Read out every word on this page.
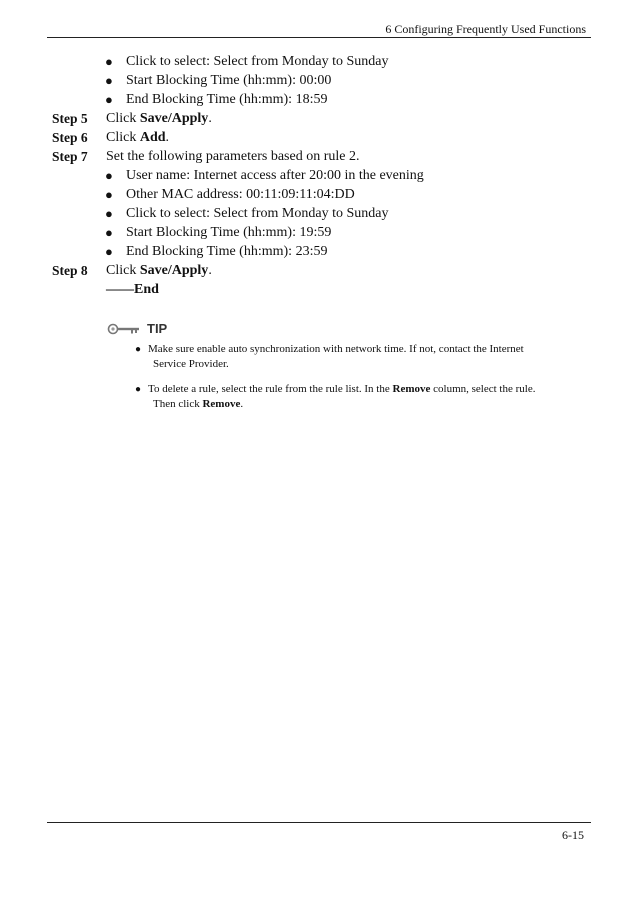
6 Configuring Frequently Used Functions
● Click to select: Select from Monday to Sunday
● Start Blocking Time (hh:mm): 00:00
● End Blocking Time (hh:mm): 18:59
Step 5 Click Save/Apply.
Step 6 Click Add.
Step 7 Set the following parameters based on rule 2.
● User name: Internet access after 20:00 in the evening
● Other MAC address: 00:11:09:11:04:DD
● Click to select: Select from Monday to Sunday
● Start Blocking Time (hh:mm): 19:59
● End Blocking Time (hh:mm): 23:59
Step 8 Click Save/Apply.
——End
TIP
● Make sure enable auto synchronization with network time. If not, contact the Internet
Service Provider.
● To delete a rule, select the rule from the rule list. In the Remove column, select the rule.
Then click Remove.
6-15
